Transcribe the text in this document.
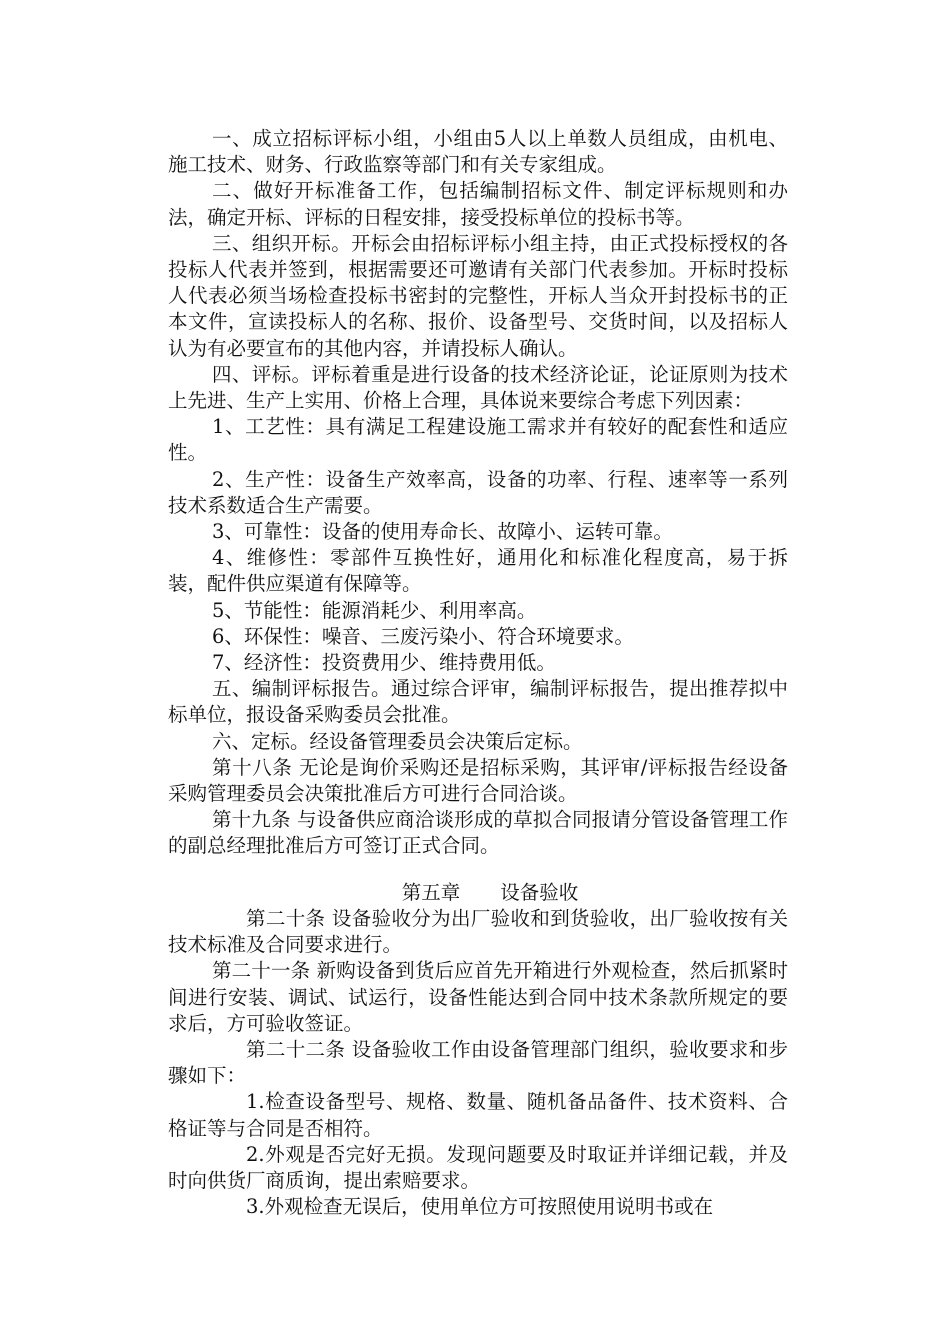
一、成立招标评标小组，小组由5人以上单数人员组成，由机电、施工技术、财务、行政监察等部门和有关专家组成。

二、做好开标准备工作，包括编制招标文件、制定评标规则和办法，确定开标、评标的日程安排，接受投标单位的投标书等。

三、组织开标。开标会由招标评标小组主持，由正式投标授权的各投标人代表并签到，根据需要还可邀请有关部门代表参加。开标时投标人代表必须当场检查投标书密封的完整性，开标人当众开封投标书的正本文件，宣读投标人的名称、报价、设备型号、交货时间，以及招标人认为有必要宣布的其他内容，并请投标人确认。

四、评标。评标着重是进行设备的技术经济论证，论证原则为技术上先进、生产上实用、价格上合理，具体说来要综合考虑下列因素：

1、工艺性：具有满足工程建设施工需求并有较好的配套性和适应性。

2、生产性：设备生产效率高，设备的功率、行程、速率等一系列技术系数适合生产需要。

3、可靠性：设备的使用寿命长、故障小、运转可靠。

4、维修性：零部件互换性好，通用化和标准化程度高，易于拆装，配件供应渠道有保障等。

5、节能性：能源消耗少、利用率高。

6、环保性：噪音、三废污染小、符合环境要求。

7、经济性：投资费用少、维持费用低。

五、编制评标报告。通过综合评审，编制评标报告，提出推荐拟中标单位，报设备采购委员会批准。

六、定标。经设备管理委员会决策后定标。

第十八条 无论是询价采购还是招标采购，其评审/评标报告经设备采购管理委员会决策批准后方可进行合同洽谈。

第十九条 与设备供应商洽谈形成的草拟合同报请分管设备管理工作的副总经理批准后方可签订正式合同。

第五章 设备验收

第二十条 设备验收分为出厂验收和到货验收，出厂验收按有关技术标准及合同要求进行。

第二十一条 新购设备到货后应首先开箱进行外观检查，然后抓紧时间进行安装、调试、试运行，设备性能达到合同中技术条款所规定的要求后，方可验收签证。

第二十二条 设备验收工作由设备管理部门组织，验收要求和步骤如下：

1.检查设备型号、规格、数量、随机备品备件、技术资料、合格证等与合同是否相符。

2.外观是否完好无损。发现问题要及时取证并详细记载，并及时向供货厂商质询，提出索赔要求。

3.外观检查无误后，使用单位方可按照使用说明书或在
